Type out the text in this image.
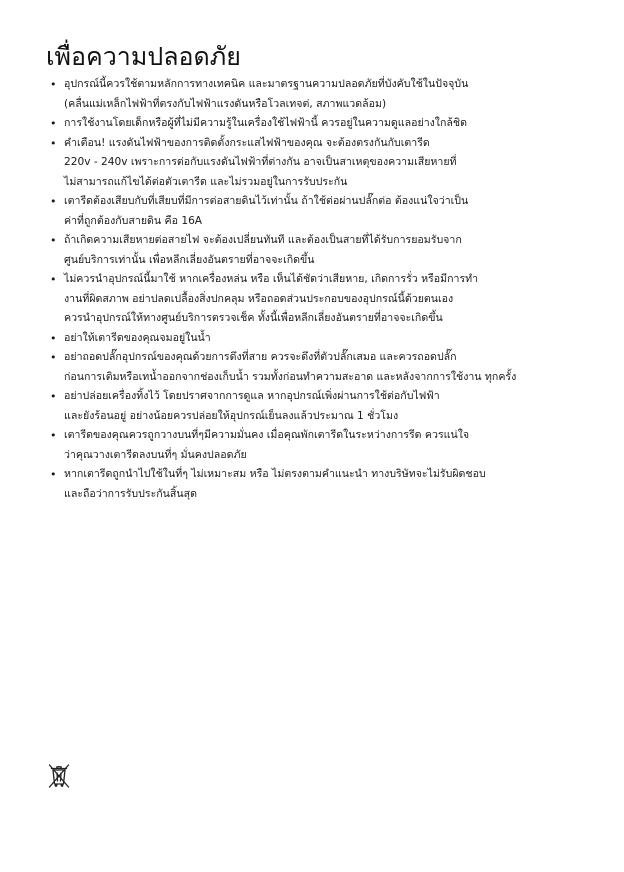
เพื่อความปลอดภัย
• อุปกรณ์นี้ควรใช้ตามหลักการทางเทคนิค และมาตรฐานความปลอดภัยที่บังคับใช้ในปัจจุบัน
(คลื่นแม่เหล็กไฟฟ้าที่ตรงกับไฟฟ้าแรงดันหรือโวลเทจต่, สภาพแวดล้อม)
• การใช้งานโดยเด็กหรือผู้ที่ไม่มีความรู้ในเครื่องใช้ไฟฟ้านี้ ควรอยู่ในความดูแลอย่างใกล้ชิด
• คำเตือน! แรงดันไฟฟ้าของการติดตั้งกระแสไฟฟ้าของคุณ จะต้องตรงกันกับเตารีด
220v - 240v เพราะการต่อกับแรงดันไฟฟ้าที่ต่างกัน อาจเป็นสาเหตุของความเสียหายที่
ไม่สามารถแก้ไขได้ต่อตัวเตารีด และไม่รวมอยู่ในการรับประกัน
• เตารีดต้องเสียบกับที่เสียบที่มีการต่อสายดินไว้เท่านั้น ถ้าใช้ต่อผ่านปลั๊กต่อ ต้องแน่ใจว่าเป็น
ค่าที่ถูกต้องกับสายดิน คือ 16A
• ถ้าเกิดความเสียหายต่อสายไฟ จะต้องเปลี่ยนทันที และต้องเป็นสายที่ได้รับการยอมรับจาก
ศูนย์บริการเท่านั้น เพื่อหลีกเลี่ยงอันตรายที่อาจจะเกิดขึ้น
• ไม่ควรนำอุปกรณ์นี้มาใช้ หากเครื่องหล่น หรือ เห็นได้ชัดว่าเสียหาย, เกิดการรั่ว หรือมีการทำ
งานที่ผิดสภาพ อย่าปลดเปลื้องสิ่งปกคลุม หรือถอดส่วนประกอบของอุปกรณ์นี้ด้วยตนเอง
ควรนำอุปกรณ์ให้ทางศูนย์บริการตรวจเช็ค ทั้งนี้เพื่อหลีกเลี่ยงอันตรายที่อาจจะเกิดขึ้น
• อย่าให้เตารีดของคุณจมอยู่ในน้ำ
• อย่าถอดปลั๊กอุปกรณ์ของคุณด้วยการดึงที่สาย ควรจะดึงที่ตัวปลั๊กเสมอ และควรถอดปลั๊ก
ก่อนการเติมหรือเทน้ำออกจากช่องเก็บน้ำ รวมทั้งก่อนทำความสะอาด และหลังจากการใช้งาน ทุกครั้ง
• อย่าปล่อยเครื่องทิ้งไว้ โดยปราศจากการดูแล หากอุปกรณ์เพิ่งผ่านการใช้ต่อกับไฟฟ้า
และยังร้อนอยู่ อย่างน้อยควรปล่อยให้อุปกรณ์เย็นลงแล้วประมาณ 1 ชั่วโมง
• เตารีดของคุณควรถูกวางบนที่ๆมีความมั่นคง เมื่อคุณพักเตารีดในระหว่างการรีด ควรแน่ใจ
ว่าคุณวางเตารีดลงบนที่ๆ มั่นคงปลอดภัย
• หากเตารีดถูกนำไปใช้ในที่ๆ ไม่เหมาะสม หรือ ไม่ตรงตามคำแนะนำ ทางบริษัทจะไม่รับผิดชอบ
และถือว่าการรับประกันสิ้นสุด
